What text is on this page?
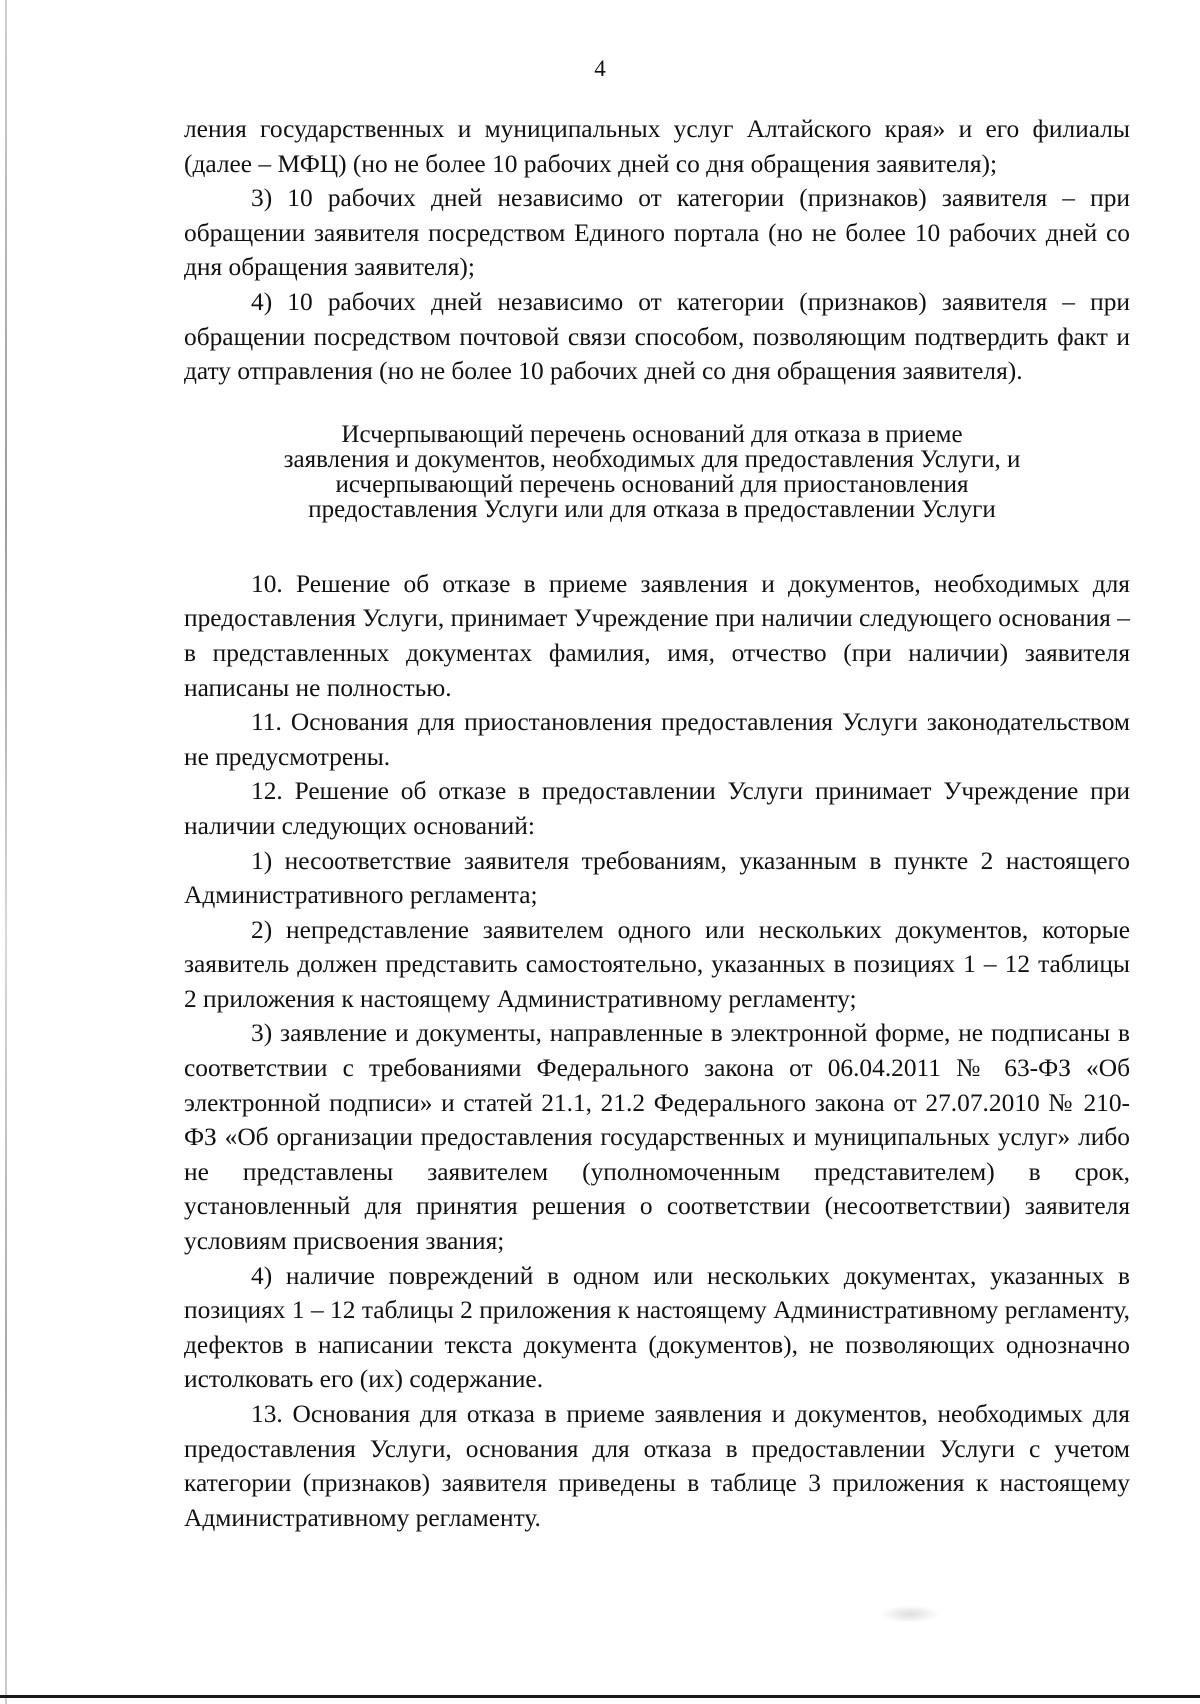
4

ления государственных и муниципальных услуг Алтайского края» и его филиалы (далее – МФЦ) (но не более 10 рабочих дней со дня обращения заявителя);

3) 10 рабочих дней независимо от категории (признаков) заявителя – при обращении заявителя посредством Единого портала (но не более 10 рабочих дней со дня обращения заявителя);

4) 10 рабочих дней независимо от категории (признаков) заявителя – при обращении посредством почтовой связи способом, позволяющим подтвердить факт и дату отправления (но не более 10 рабочих дней со дня обращения заявителя).

Исчерпывающий перечень оснований для отказа в приеме
заявления и документов, необходимых для предоставления Услуги, и исчерпывающий перечень оснований для приостановления
предоставления Услуги или для отказа в предоставлении Услуги

10. Решение об отказе в приеме заявления и документов, необходимых для предоставления Услуги, принимает Учреждение при наличии следующего основания – в представленных документах фамилия, имя, отчество (при наличии) заявителя написаны не полностью.

11. Основания для приостановления предоставления Услуги законодательством не предусмотрены.

12. Решение об отказе в предоставлении Услуги принимает Учреждение при наличии следующих оснований:

1) несоответствие заявителя требованиям, указанным в пункте 2 настоящего Административного регламента;

2) непредставление заявителем одного или нескольких документов, которые заявитель должен представить самостоятельно, указанных в позициях 1 – 12 таблицы 2 приложения к настоящему Административному регламенту;

3) заявление и документы, направленные в электронной форме, не подписаны в соответствии с требованиями Федерального закона от 06.04.2011 № 63-ФЗ «Об электронной подписи» и статей 21.1, 21.2 Федерального закона от 27.07.2010 № 210-ФЗ «Об организации предоставления государственных и муниципальных услуг» либо не представлены заявителем (уполномоченным представителем) в срок, установленный для принятия решения о соответствии (несоответствии) заявителя условиям присвоения звания;

4) наличие повреждений в одном или нескольких документах, указанных в позициях 1 – 12 таблицы 2 приложения к настоящему Административному регламенту, дефектов в написании текста документа (документов), не позволяющих однозначно истолковать его (их) содержание.

13. Основания для отказа в приеме заявления и документов, необходимых для предоставления Услуги, основания для отказа в предоставлении Услуги с учетом категории (признаков) заявителя приведены в таблице 3 приложения к настоящему Административному регламенту.
